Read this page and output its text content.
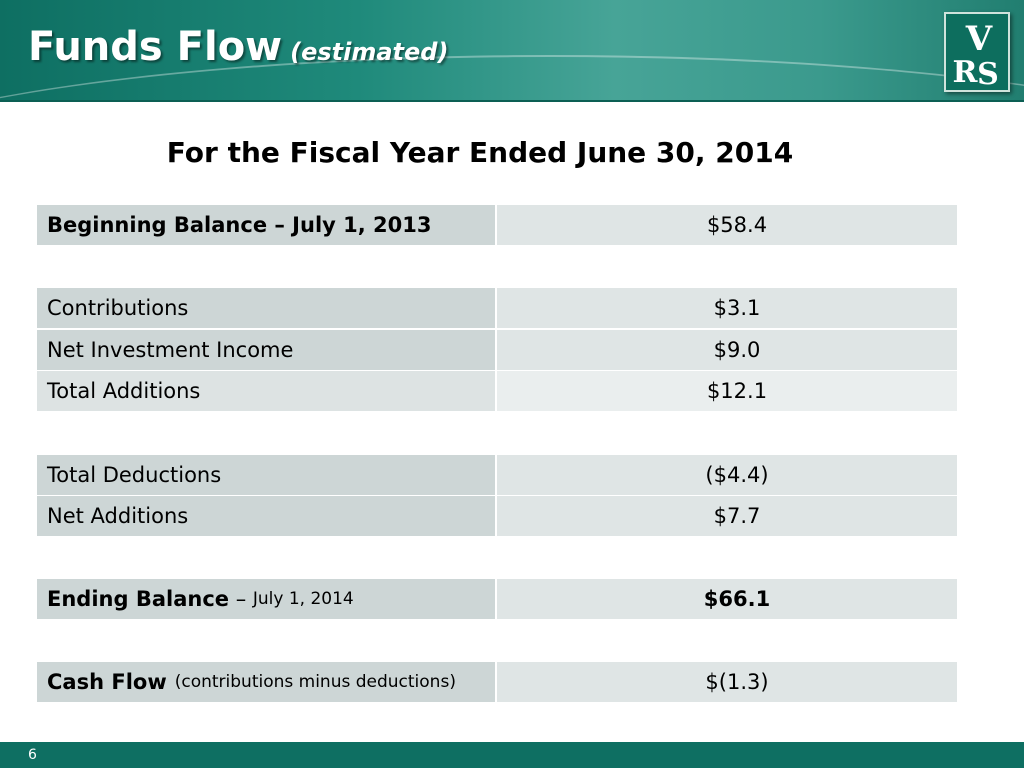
Funds Flow (estimated)	V
R S
For the Fiscal Year Ended June 30, 2014
Beginning Balance – July 1, 2013	$58.4
Contributions	$3.1
Net Investment Income	$9.0
Total Additions	$12.1
Total Deductions	($4.4)
Net Additions	$7.7
Ending Balance – July 1, 2014	$66.1
Cash Flow (contributions minus deductions)	$(1.3)
6
